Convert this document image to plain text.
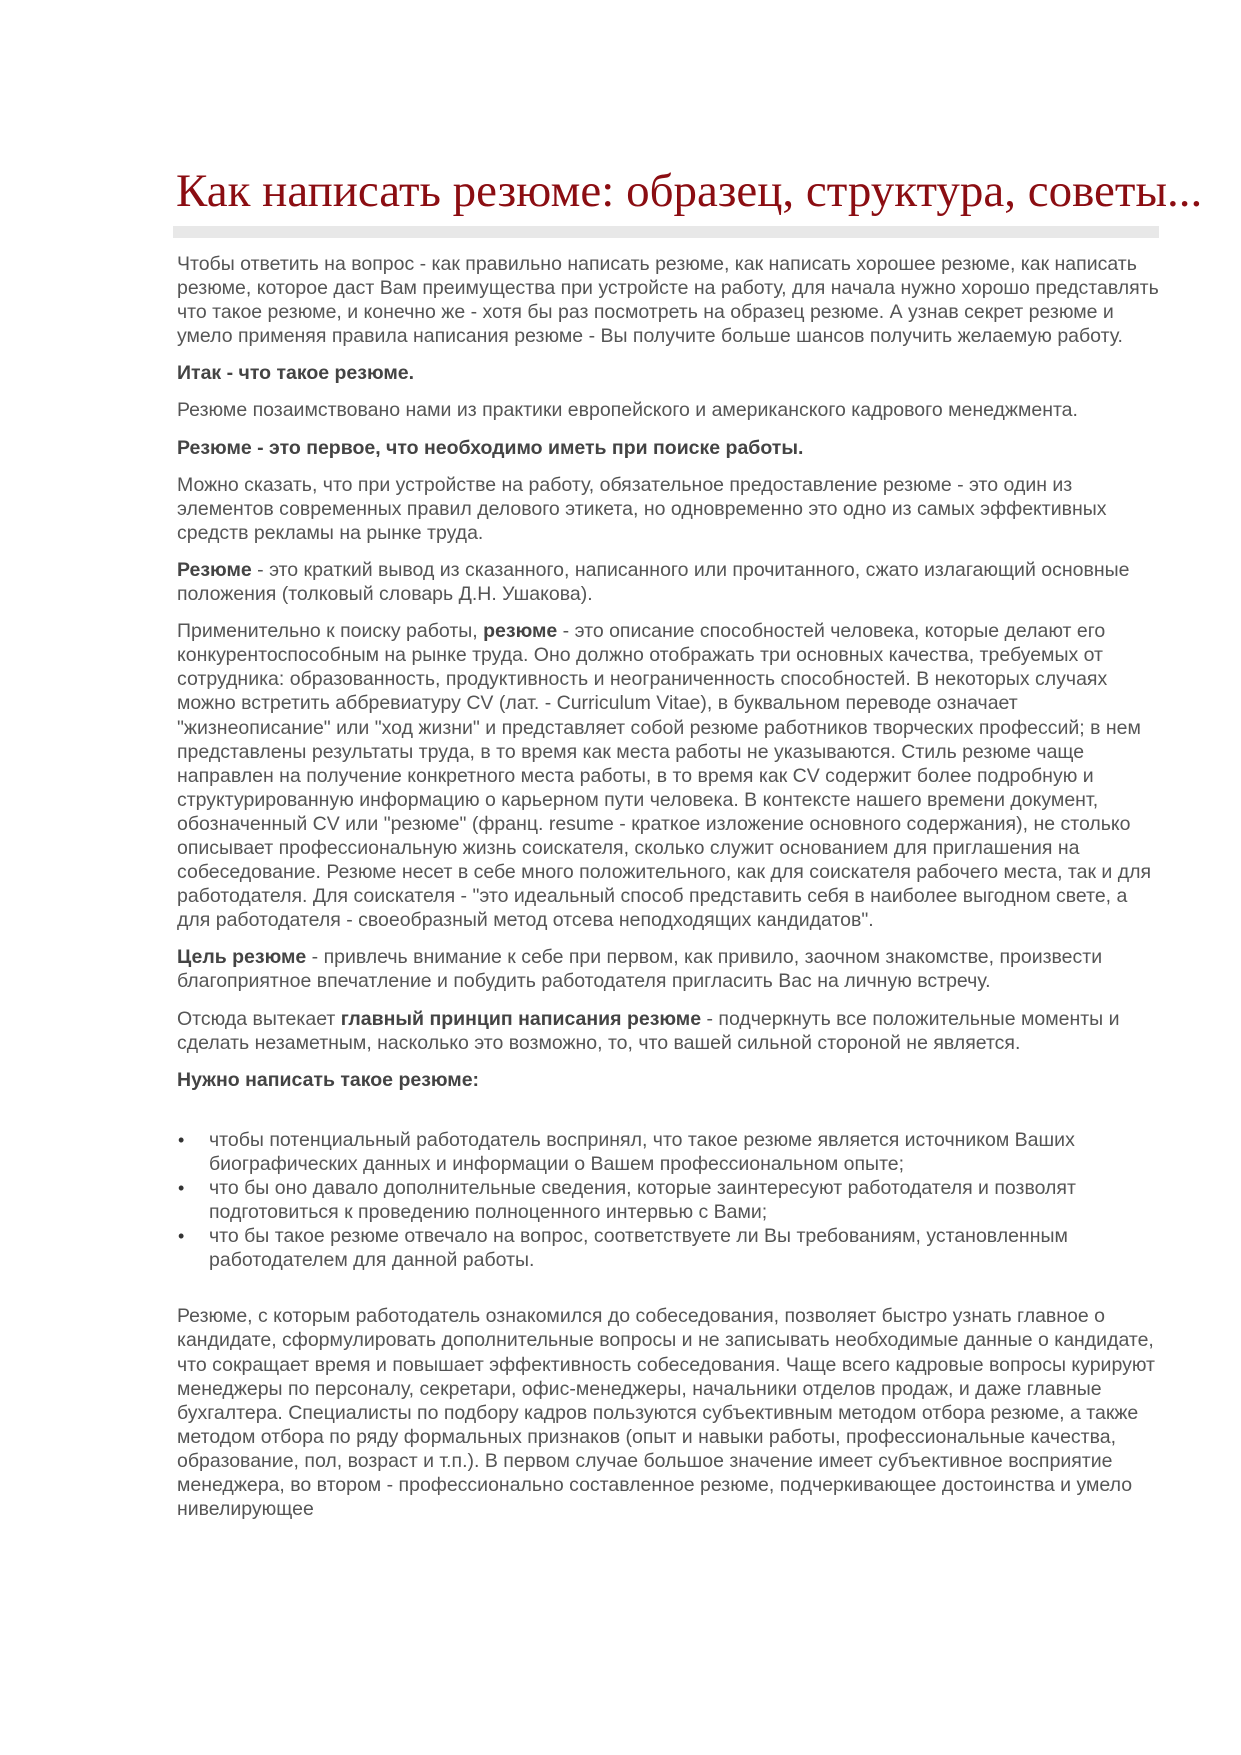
Как написать резюме: образец, структура, советы...

Чтобы ответить на вопрос - как правильно написать резюме, как написать хорошее резюме, как написать резюме, которое даст Вам преимущества при устройсте на работу, для начала нужно хорошо представлять что такое резюме, и конечно же - хотя бы раз посмотреть на образец резюме. А узнав секрет резюме и умело применяя правила написания резюме - Вы получите больше шансов получить желаемую работу.

Итак - что такое резюме.

Резюме позаимствовано нами из практики европейского и американского кадрового менеджмента.

Резюме - это первое, что необходимо иметь при поиске работы.

Можно сказать, что при устройстве на работу, обязательное предоставление резюме - это один из элементов современных правил делового этикета, но одновременно это одно из самых эффективных средств рекламы на рынке труда.

Резюме - это краткий вывод из сказанного, написанного или прочитанного, сжато излагающий основные положения (толковый словарь Д.Н. Ушакова).

Применительно к поиску работы, резюме - это описание способностей человека, которые делают его конкурентоспособным на рынке труда. Оно должно отображать три основных качества, требуемых от сотрудника: образованность, продуктивность и неограниченность способностей. В некоторых случаях можно встретить аббревиатуру CV (лат. - Curriculum Vitae), в буквальном переводе означает "жизнеописание" или "ход жизни" и представляет собой резюме работников творческих профессий; в нем представлены результаты труда, в то время как места работы не указываются. Стиль резюме чаще направлен на получение конкретного места работы, в то время как CV содержит более подробную и структурированную информацию о карьерном пути человека. В контексте нашего времени документ, обозначенный CV или "резюме" (франц. resume - краткое изложение основного содержания), не столько описывает профессиональную жизнь соискателя, сколько служит основанием для приглашения на собеседование. Резюме несет в себе много положительного, как для соискателя рабочего места, так и для работодателя. Для соискателя - "это идеальный способ представить себя в наиболее выгодном свете, а для работодателя - своеобразный метод отсева неподходящих кандидатов".

Цель резюме - привлечь внимание к себе при первом, как привило, заочном знакомстве, произвести благоприятное впечатление и побудить работодателя пригласить Вас на личную встречу.

Отсюда вытекает главный принцип написания резюме - подчеркнуть все положительные моменты и сделать незаметным, насколько это возможно, то, что вашей сильной стороной не является.

Нужно написать такое резюме:

• чтобы потенциальный работодатель воспринял, что такое резюме является источником Ваших биографических данных и информации о Вашем профессиональном опыте;
• что бы оно давало дополнительные сведения, которые заинтересуют работодателя и позволят подготовиться к проведению полноценного интервью с Вами;
• что бы такое резюме отвечало на вопрос, соответствуете ли Вы требованиям, установленным работодателем для данной работы.

Резюме, с которым работодатель ознакомился до собеседования, позволяет быстро узнать главное о кандидате, сформулировать дополнительные вопросы и не записывать необходимые данные о кандидате, что сокращает время и повышает эффективность собеседования. Чаще всего кадровые вопросы курируют менеджеры по персоналу, секретари, офис-менеджеры, начальники отделов продаж, и даже главные бухгалтера. Специалисты по подбору кадров пользуются субъективным методом отбора резюме, а также методом отбора по ряду формальных признаков (опыт и навыки работы, профессиональные качества, образование, пол, возраст и т.п.). В первом случае большое значение имеет субъективное восприятие менеджера, во втором - профессионально составленное резюме, подчеркивающее достоинства и умело нивелирующее
